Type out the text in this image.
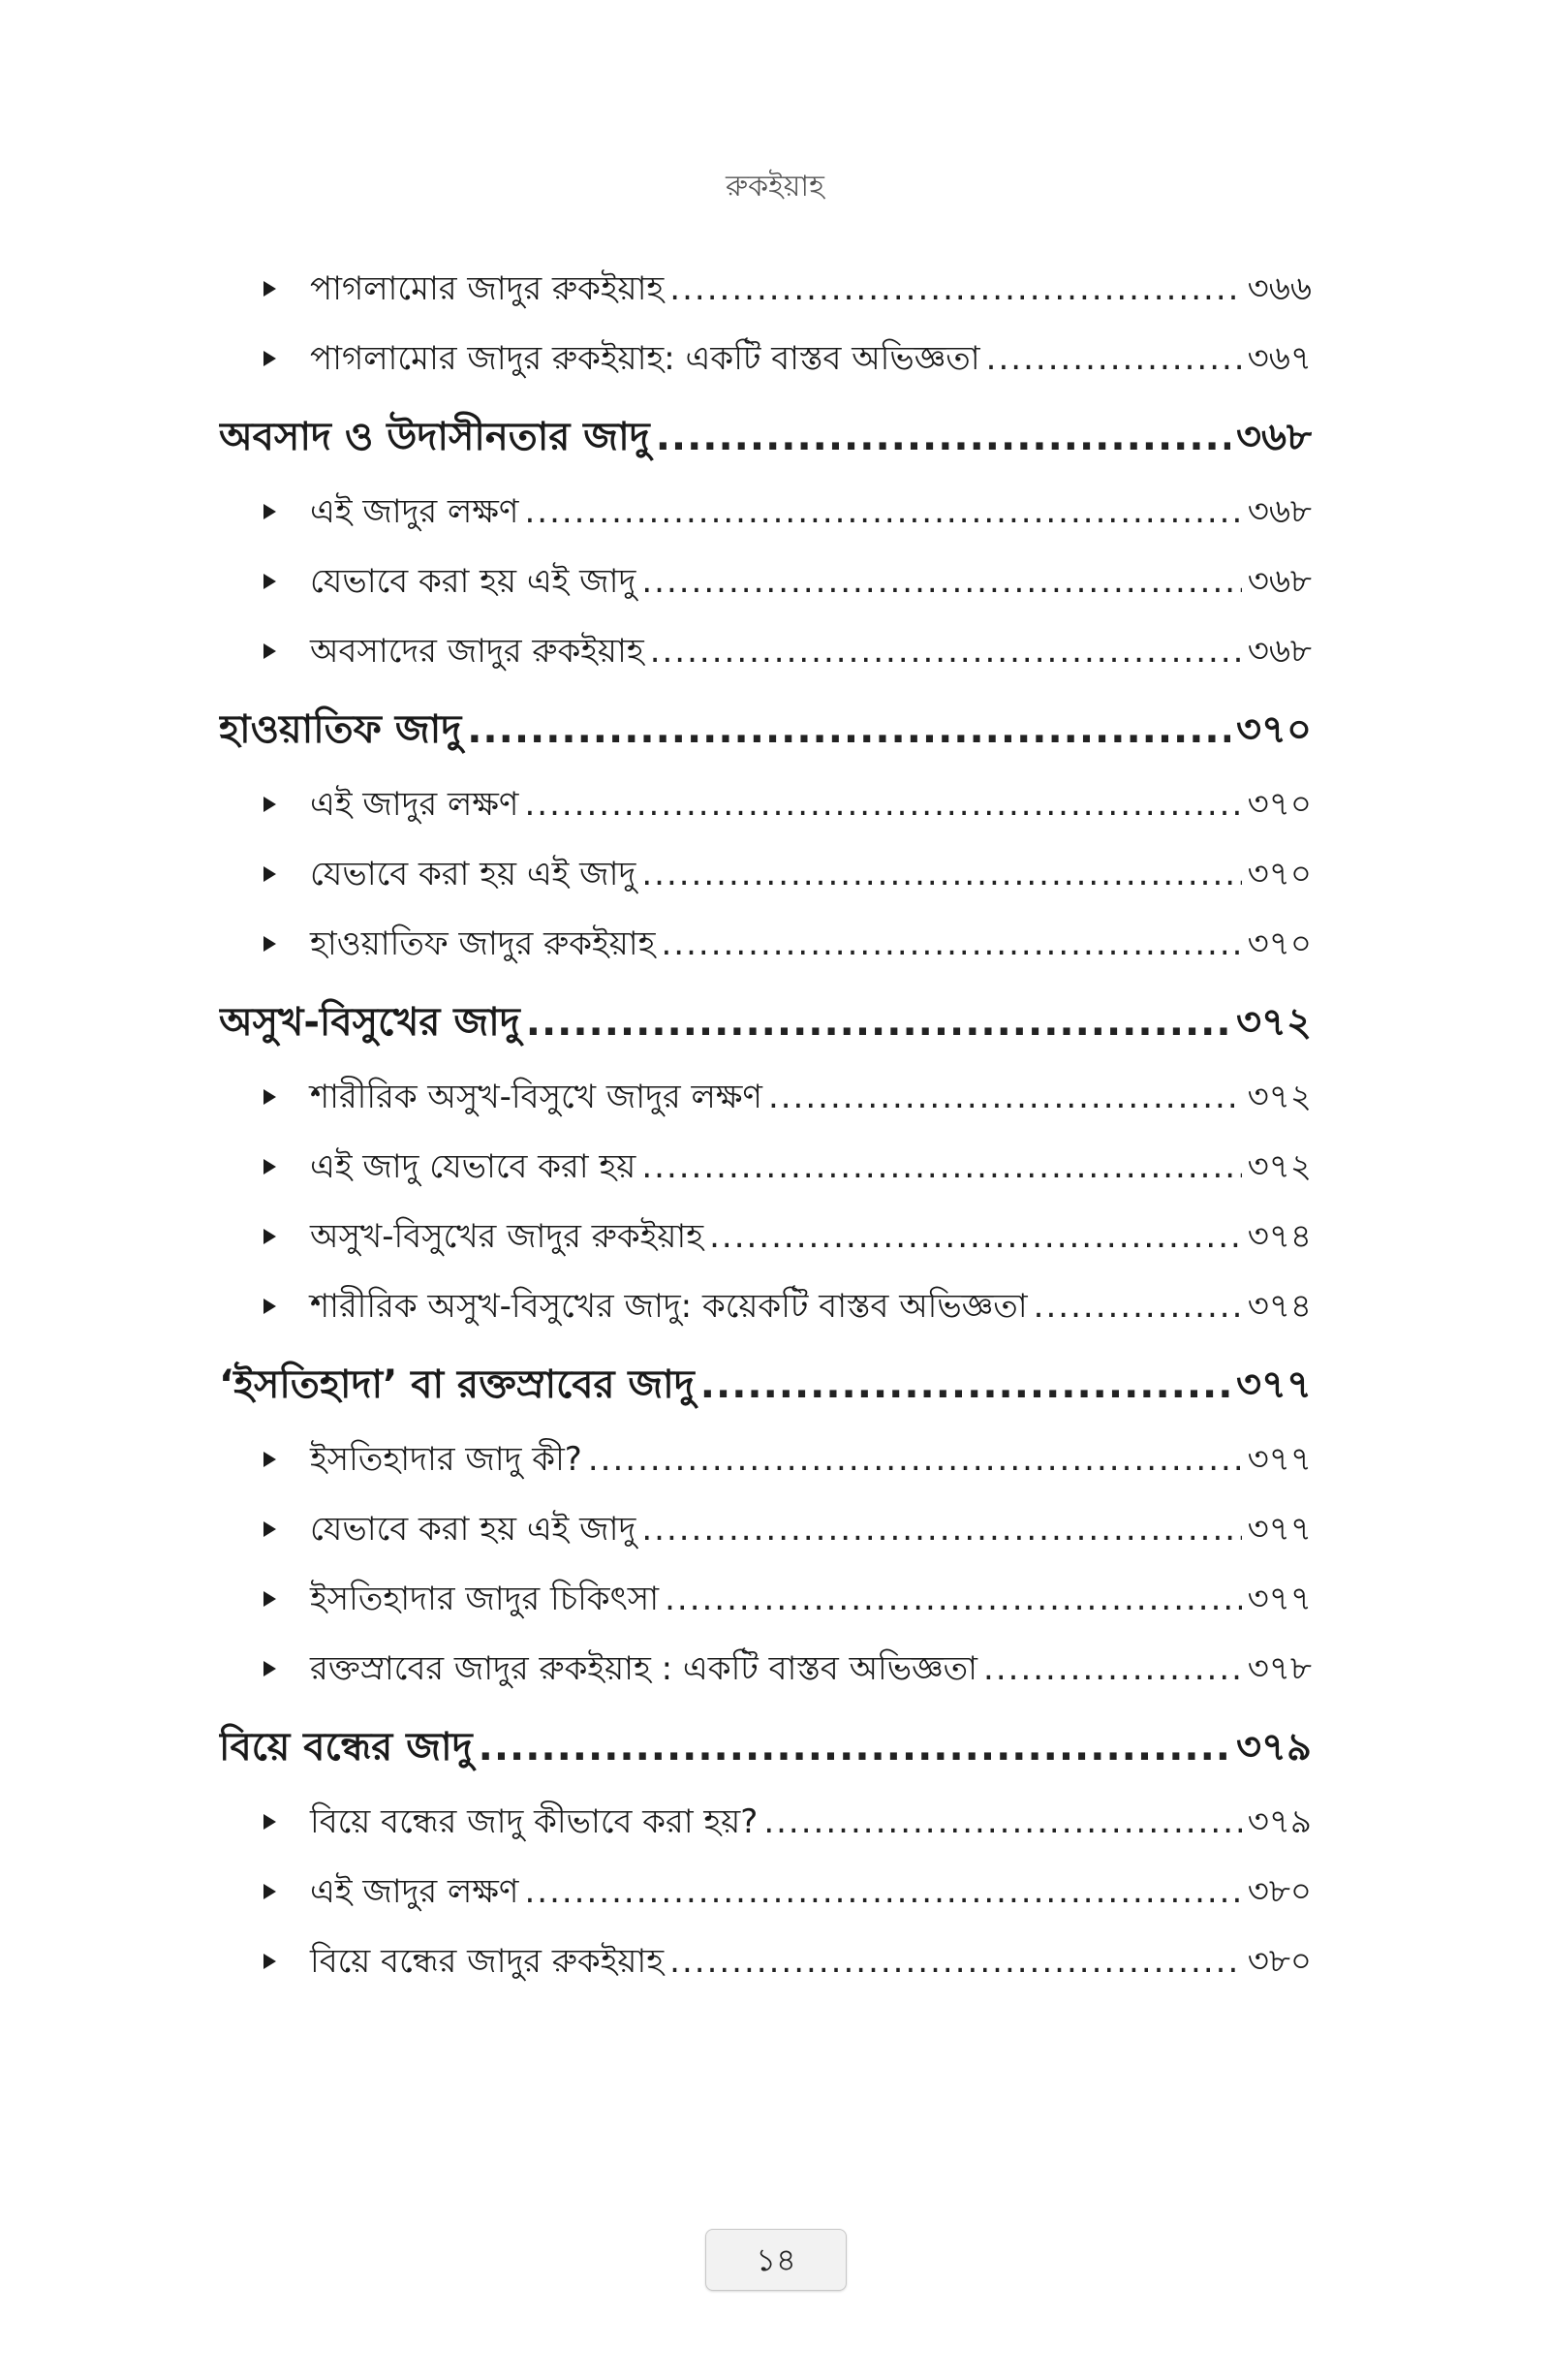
রুকইয়াহ
পাগলামোর জাদুর রুকইয়াহ .....	৩৬৬
পাগলামোর জাদুর রুকইয়াহ: একটি বাস্তব অভিজ্ঞতা .....	৩৬৭
অবসাদ ও উদাসীনতার জাদু .....	৩৬৮
এই জাদুর লক্ষণ .....	৩৬৮
যেভাবে করা হয় এই জাদু .....	৩৬৮
অবসাদের জাদুর রুকইয়াহ .....	৩৬৮
হাওয়াতিফ জাদু .....	৩৭০
এই জাদুর লক্ষণ .....	৩৭০
যেভাবে করা হয় এই জাদু .....	৩৭০
হাওয়াতিফ জাদুর রুকইয়াহ .....	৩৭০
অসুখ-বিসুখের জাদু .....	৩৭২
শারীরিক অসুখ-বিসুখে জাদুর লক্ষণ .....	৩৭২
এই জাদু যেভাবে করা হয় .....	৩৭২
অসুখ-বিসুখের জাদুর রুকইয়াহ .....	৩৭৪
শারীরিক অসুখ-বিসুখের জাদু: কয়েকটি বাস্তব অভিজ্ঞতা .....	৩৭৪
‘ইসতিহাদা’ বা রক্তস্রাবের জাদু .....	৩৭৭
ইসতিহাদার জাদু কী? .....	৩৭৭
যেভাবে করা হয় এই জাদু .....	৩৭৭
ইসতিহাদার জাদুর চিকিৎসা .....	৩৭৭
রক্তস্রাবের জাদুর রুকইয়াহ : একটি বাস্তব অভিজ্ঞতা .....	৩৭৮
বিয়ে বন্ধের জাদু .....	৩৭৯
বিয়ে বন্ধের জাদু কীভাবে করা হয়? .....	৩৭৯
এই জাদুর লক্ষণ .....	৩৮০
বিয়ে বন্ধের জাদুর রুকইয়াহ .....	৩৮০
১৪
